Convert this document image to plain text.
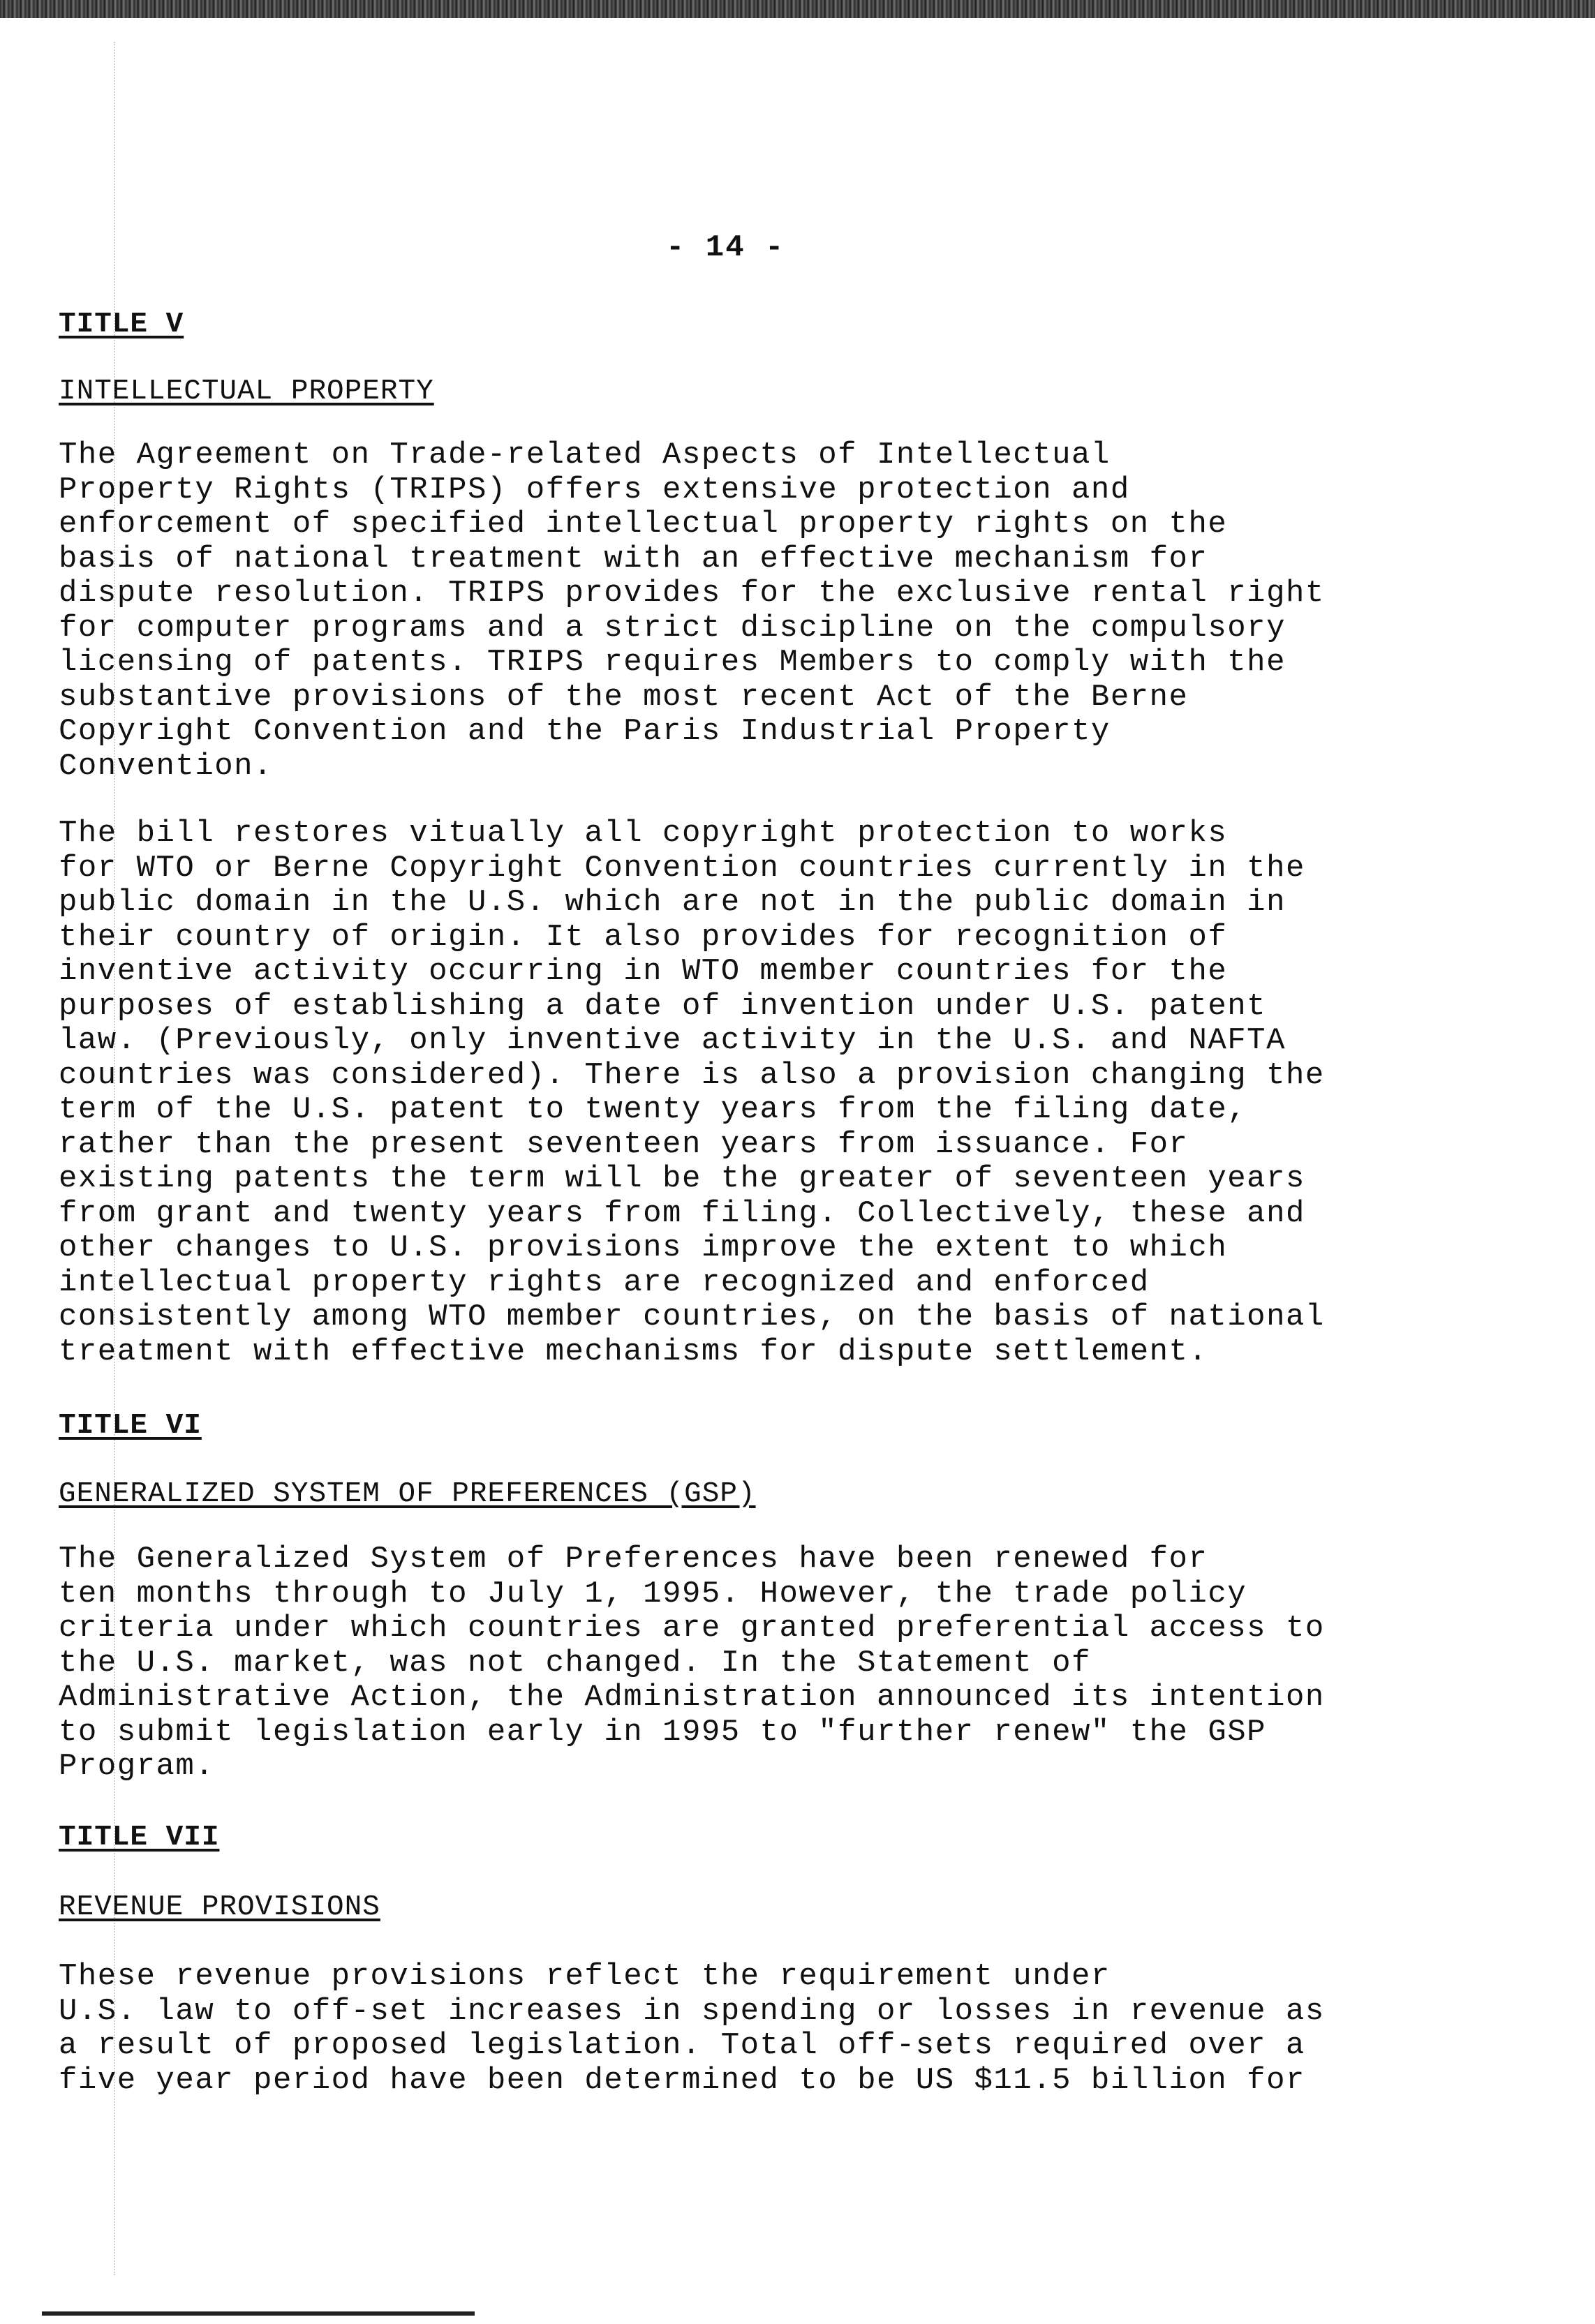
- 14 -
TITLE V
INTELLECTUAL PROPERTY

The Agreement on Trade-related Aspects of Intellectual
Property Rights (TRIPS) offers extensive protection and
enforcement of specified intellectual property rights on the
basis of national treatment with an effective mechanism for
dispute resolution. TRIPS provides for the exclusive rental right
for computer programs and a strict discipline on the compulsory
licensing of patents. TRIPS requires Members to comply with the
substantive provisions of the most recent Act of the Berne
Copyright Convention and the Paris Industrial Property
Convention.

The bill restores vitually all copyright protection to works
for WTO or Berne Copyright Convention countries currently in the
public domain in the U.S. which are not in the public domain in
their country of origin. It also provides for recognition of
inventive activity occurring in WTO member countries for the
purposes of establishing a date of invention under U.S. patent
law. (Previously, only inventive activity in the U.S. and NAFTA
countries was considered). There is also a provision changing the
term of the U.S. patent to twenty years from the filing date,
rather than the present seventeen years from issuance. For
existing patents the term will be the greater of seventeen years
from grant and twenty years from filing. Collectively, these and
other changes to U.S. provisions improve the extent to which
intellectual property rights are recognized and enforced
consistently among WTO member countries, on the basis of national
treatment with effective mechanisms for dispute settlement.

TITLE VI
GENERALIZED SYSTEM OF PREFERENCES (GSP)

The Generalized System of Preferences have been renewed for
ten months through to July 1, 1995. However, the trade policy
criteria under which countries are granted preferential access to
the U.S. market, was not changed. In the Statement of
Administrative Action, the Administration announced its intention
to submit legislation early in 1995 to "further renew" the GSP
Program.

TITLE VII
REVENUE PROVISIONS

These revenue provisions reflect the requirement under
U.S. law to off-set increases in spending or losses in revenue as
a result of proposed legislation. Total off-sets required over a
five year period have been determined to be US $11.5 billion for
